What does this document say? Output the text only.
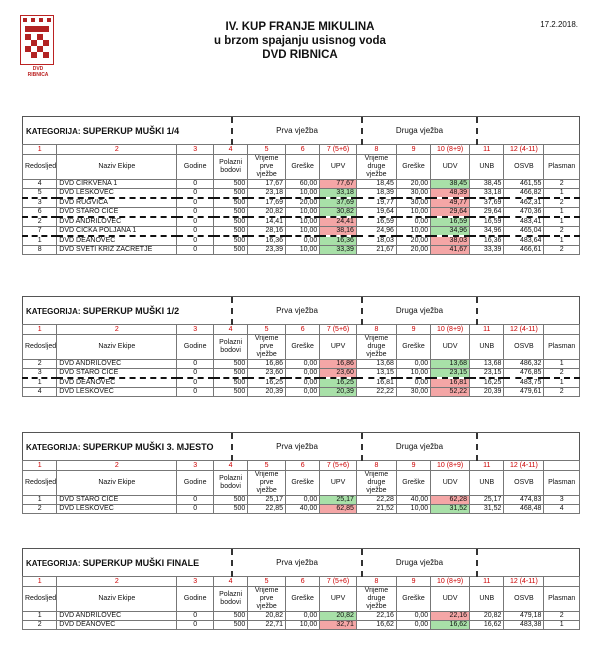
DVD
RIBNICA
IV. KUP FRANJE MIKULINA
u brzom spajanju usisnog voda
DVD RIBNICA
17.2.2018.
KATEGORIJA: SUPERKUP MUŠKI 1/4	Prva vježba	Druga vježba
1	2	3	4	5	6	7 (5+6)	8	9	10 (8+9)	11	12 (4-11)	
Redosljed	Naziv Ekipe	Godine	Polazni bodovi	Vrijeme prve vježbe	Greške	UPV	Vrijeme druge vježbe	Greške	UDV	UNB	OSVB	Plasman
4	DVD CIRKVENA 1	0	500	17,67	60,00	77,67	18,45	20,00	38,45	38,45	461,55	2
5	DVD LESKOVEC	0	500	23,18	10,00	33,18	18,39	30,00	48,39	33,18	466,82	1
3	DVD RUGVICA	0	500	17,69	20,00	37,69	19,77	30,00	49,77	37,69	462,31	2
6	DVD STARO ČIČE	0	500	20,82	10,00	30,82	19,64	10,00	29,64	29,64	470,36	1
2	DVD ANDRILOVEC	0	500	14,41	10,00	24,41	16,59	0,00	16,59	16,59	483,41	1
7	DVD ČIČKA POLJANA 1	0	500	28,16	10,00	38,16	24,96	10,00	34,96	34,96	465,04	2
1	DVD DEANOVEC	0	500	16,36	0,00	16,36	18,03	20,00	38,03	16,36	483,64	1
8	DVD SVETI KRIŽ ZAČRETJE	0	500	23,39	10,00	33,39	21,67	20,00	41,67	33,39	466,61	2
KATEGORIJA: SUPERKUP MUŠKI 1/2	Prva vježba	Druga vježba
1	2	3	4	5	6	7 (5+6)	8	9	10 (8+9)	11	12 (4-11)	
Redosljed	Naziv Ekipe	Godine	Polazni bodovi	Vrijeme prve vježbe	Greške	UPV	Vrijeme druge vježbe	Greške	UDV	UNB	OSVB	Plasman
2	DVD ANDRILOVEC	0	500	16,86	0,00	16,86	13,68	0,00	13,68	13,68	486,32	1
3	DVD STARO ČIČE	0	500	23,60	0,00	23,60	13,15	10,00	23,15	23,15	476,85	2
1	DVD DEANOVEC	0	500	16,25	0,00	16,25	16,81	0,00	16,81	16,25	483,75	1
4	DVD LESKOVEC	0	500	20,39	0,00	20,39	22,22	30,00	52,22	20,39	479,61	2
KATEGORIJA: SUPERKUP MUŠKI 3. MJESTO	Prva vježba	Druga vježba
1	2	3	4	5	6	7 (5+6)	8	9	10 (8+9)	11	12 (4-11)	
Redosljed	Naziv Ekipe	Godine	Polazni bodovi	Vrijeme prve vježbe	Greške	UPV	Vrijeme druge vježbe	Greške	UDV	UNB	OSVB	Plasman
1	DVD STARO ČIČE	0	500	25,17	0,00	25,17	22,28	40,00	62,28	25,17	474,83	3
2	DVD LESKOVEC	0	500	22,85	40,00	62,85	21,52	10,00	31,52	31,52	468,48	4
KATEGORIJA: SUPERKUP MUŠKI FINALE	Prva vježba	Druga vježba
1	2	3	4	5	6	7 (5+6)	8	9	10 (8+9)	11	12 (4-11)	
Redosljed	Naziv Ekipe	Godine	Polazni bodovi	Vrijeme prve vježbe	Greške	UPV	Vrijeme druge vježbe	Greške	UDV	UNB	OSVB	Plasman
1	DVD ANDRILOVEC	0	500	20,82	0,00	20,82	22,16	0,00	22,16	20,82	479,18	2
2	DVD DEANOVEC	0	500	22,71	10,00	32,71	16,62	0,00	16,62	16,62	483,38	1
